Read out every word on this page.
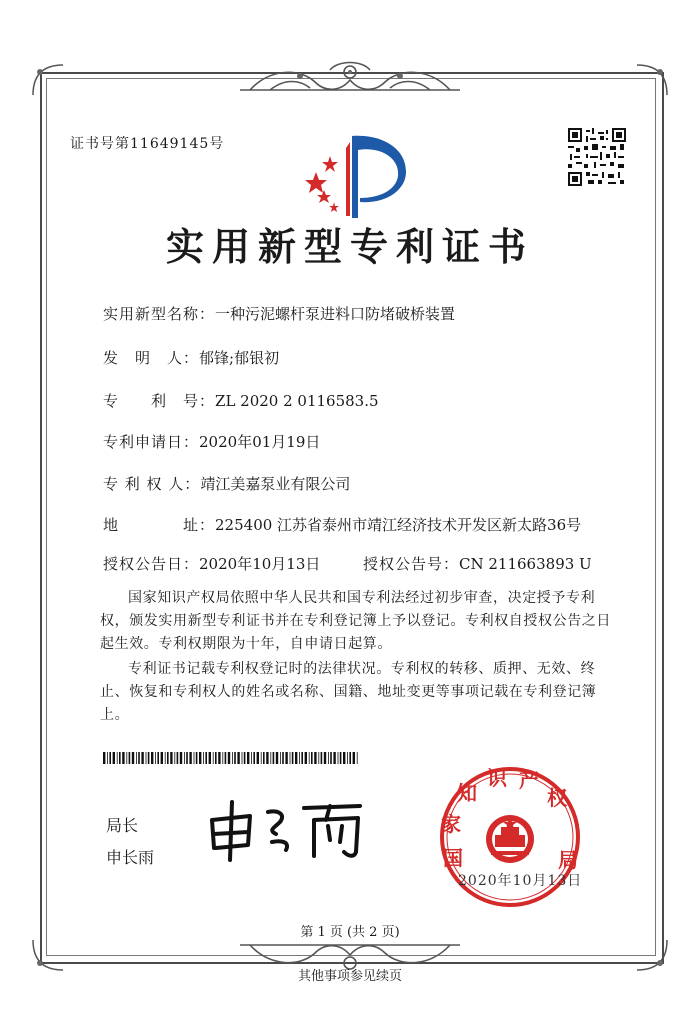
证书号第11649145号
实用新型专利证书
实用新型名称：一种污泥螺杆泵进料口防堵破桥装置
发　明　人：郁锋;郁银初
专　　利　号：ZL 2020 2 0116583.5
专利申请日：2020年01月19日
专 利 权 人：靖江美嘉泵业有限公司
地　　　　址：225400 江苏省泰州市靖江经济技术开发区新太路36号
授权公告日：2020年10月13日	授权公告号：CN 211663893 U
国家知识产权局依照中华人民共和国专利法经过初步审查，决定授予专利权，颁发实用新型专利证书并在专利登记簿上予以登记。专利权自授权公告之日起生效。专利权期限为十年，自申请日起算。
专利证书记载专利权登记时的法律状况。专利权的转移、质押、无效、终止、恢复和专利权人的姓名或名称、国籍、地址变更等事项记载在专利登记簿上。
局长
申长雨	国
家
知
识 产
权
局
2020年10月13日
第 1 页 (共 2 页)
其他事项参见续页
